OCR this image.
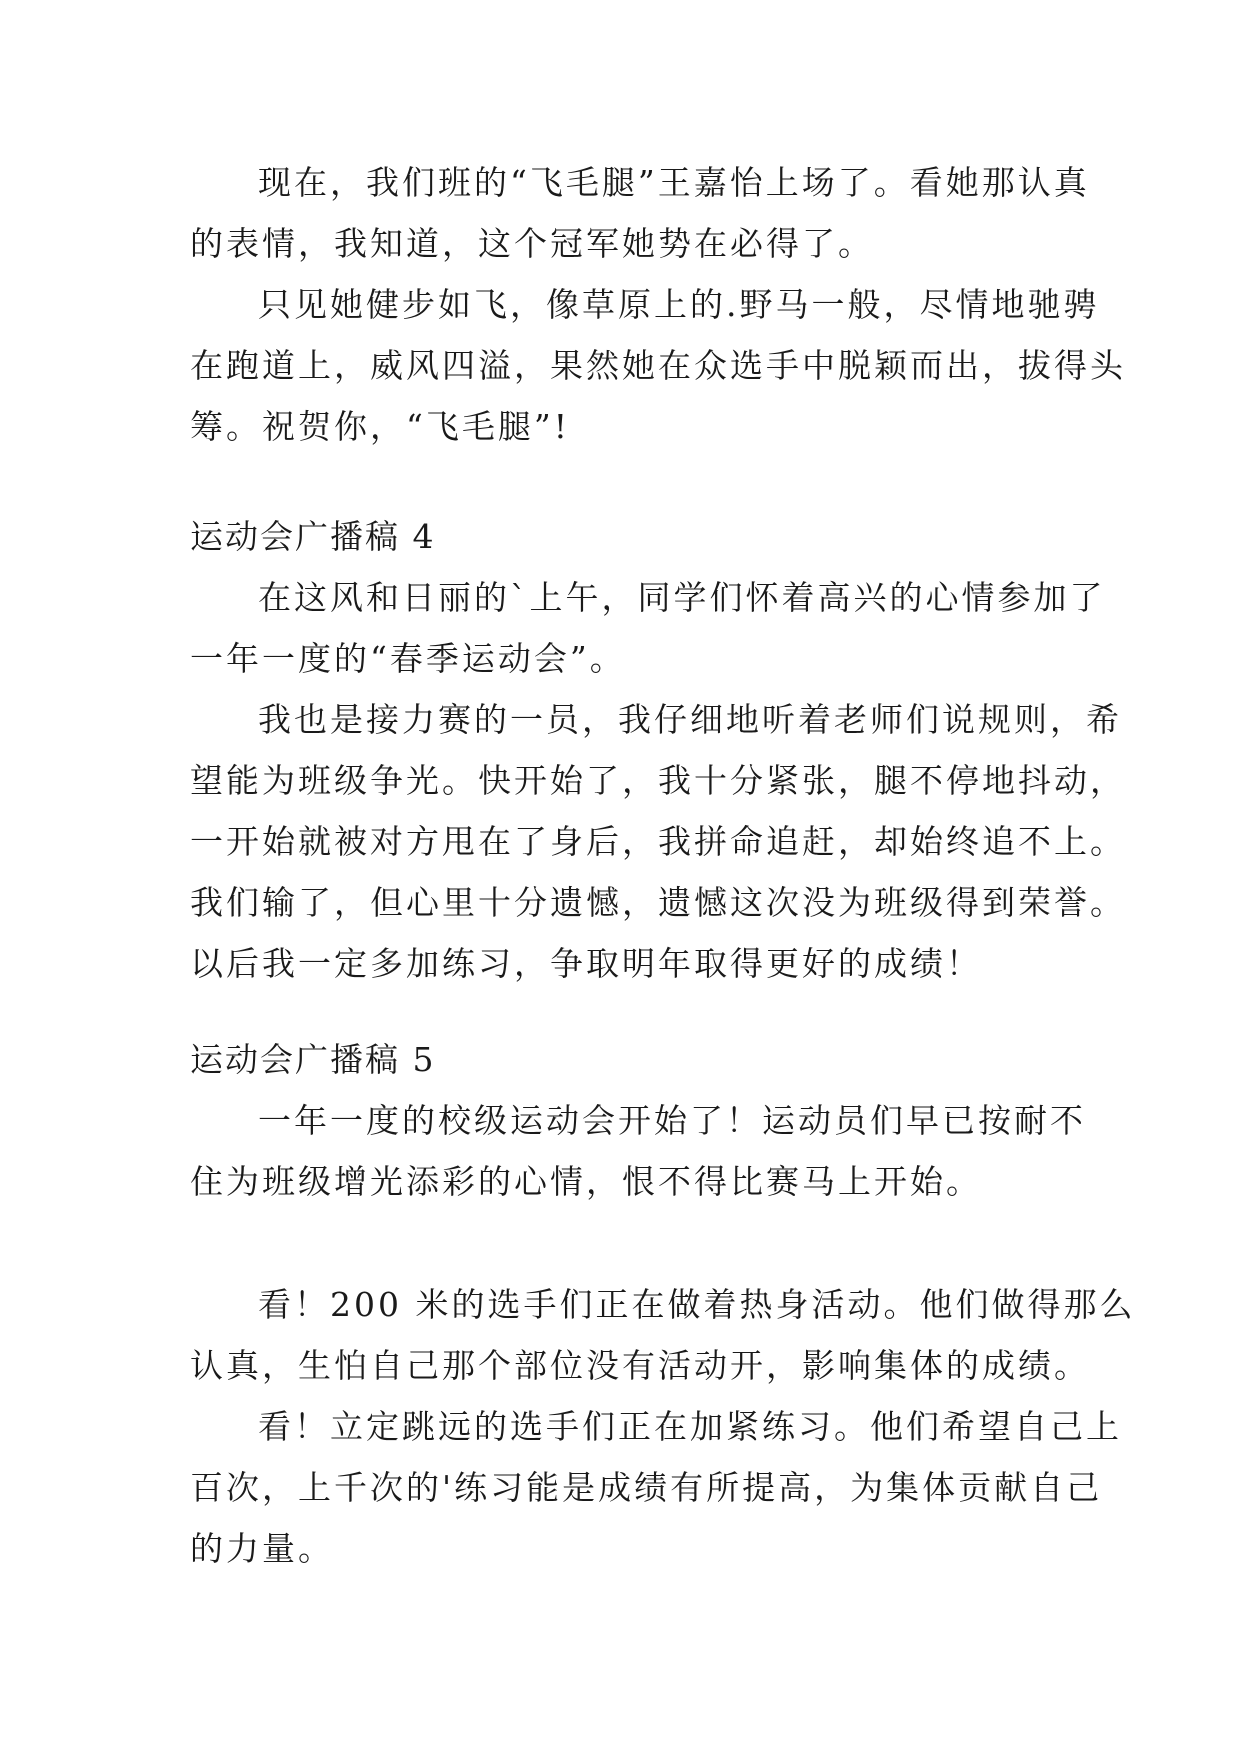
现在，我们班的“飞毛腿”王嘉怡上场了。看她那认真
的表情，我知道，这个冠军她势在必得了。
只见她健步如飞，像草原上的.野马一般，尽情地驰骋
在跑道上，威风四溢，果然她在众选手中脱颖而出，拔得头
筹。祝贺你，“飞毛腿”!
运动会广播稿 4
在这风和日丽的`上午，同学们怀着高兴的心情参加了
一年一度的“春季运动会”。
我也是接力赛的一员，我仔细地听着老师们说规则，希
望能为班级争光。快开始了，我十分紧张，腿不停地抖动，
一开始就被对方甩在了身后，我拼命追赶，却始终追不上。
我们输了，但心里十分遗憾，遗憾这次没为班级得到荣誉。
以后我一定多加练习，争取明年取得更好的成绩！
运动会广播稿 5
一年一度的校级运动会开始了！运动员们早已按耐不
住为班级增光添彩的心情，恨不得比赛马上开始。
看！200 米的选手们正在做着热身活动。他们做得那么
认真，生怕自己那个部位没有活动开，影响集体的成绩。
看！立定跳远的选手们正在加紧练习。他们希望自己上
百次，上千次的'练习能是成绩有所提高，为集体贡献自己
的力量。
